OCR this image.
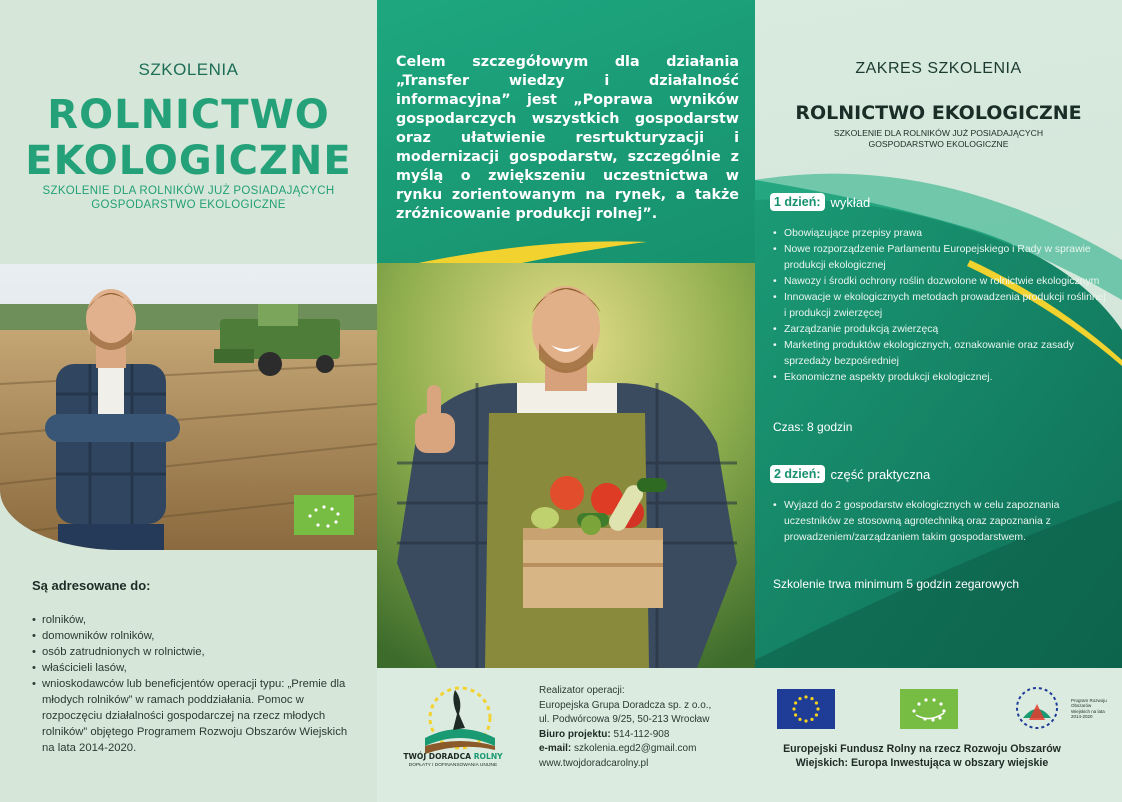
SZKOLENIA
ROLNICTWO
EKOLOGICZNE
SZKOLENIE DLA ROLNIKÓW JUŻ POSIADAJĄCYCH GOSPODARSTWO EKOLOGICZNE
Są adresowane do:
• rolników,
• domowników rolników,
• osób zatrudnionych w rolnictwie,
• właścicieli lasów,
• wnioskodawców lub beneficjentów operacji typu: „Premie dla młodych rolników” w ramach poddziałania. Pomoc w rozpoczęciu działalności gospodarczej na rzecz młodych rolników” objętego Programem Rozwoju Obszarów Wiejskich na lata 2014-2020.
Celem szczegółowym dla działania „Transfer wiedzy i działalność informacyjna” jest „Poprawa wyników gospodarczych wszystkich gospodarstw oraz ułatwienie resrtukturyzacji i modernizacji gospodarstw, szczególnie z myślą o zwiększeniu uczestnictwa w rynku zorientowanym na rynek, a także zróżnicowanie produkcji rolnej”.
ZAKRES SZKOLENIA
ROLNICTWO EKOLOGICZNE
SZKOLENIE DLA ROLNIKÓW JUŻ POSIADAJĄCYCH GOSPODARSTWO EKOLOGICZNE
1 dzień: wykład
• Obowiązujące przepisy prawa
• Nowe rozporządzenie Parlamentu Europejskiego i Rady w sprawie produkcji ekologicznej
• Nawozy i środki ochrony roślin dozwolone w rolnictwie ekologicznym
• Innowacje w ekologicznych metodach prowadzenia produkcji roślinnej i produkcji zwierzęcej
• Zarządzanie produkcją zwierzęcą
• Marketing produktów ekologicznych, oznakowanie oraz zasady sprzedaży bezpośredniej
• Ekonomiczne aspekty produkcji ekologicznej.
Czas: 8 godzin
2 dzień: część praktyczna
• Wyjazd do 2 gospodarstw ekologicznych w celu zapoznania uczestników ze stosowną agrotechniką oraz zapoznania z prowadzeniem/zarządzaniem takim gospodarstwem.
Szkolenie trwa minimum 5 godzin zegarowych
TWÓJ DORADCA ROLNY
DOPŁATY I DOFINANSOWANIA UNIJNE
Realizator operacji:
Europejska Grupa Doradcza sp. z o.o.,
ul. Podwórcowa 9/25, 50-213 Wrocław
Biuro projektu: 514-112-908
e-mail: szkolenia.egd2@gmail.com
www.twojdoradcarolny.pl
Program Rozwoju Obszarów Wiejskich na lata 2014-2020
Europejski Fundusz Rolny na rzecz Rozwoju Obszarów Wiejskich: Europa Inwestująca w obszary wiejskie
